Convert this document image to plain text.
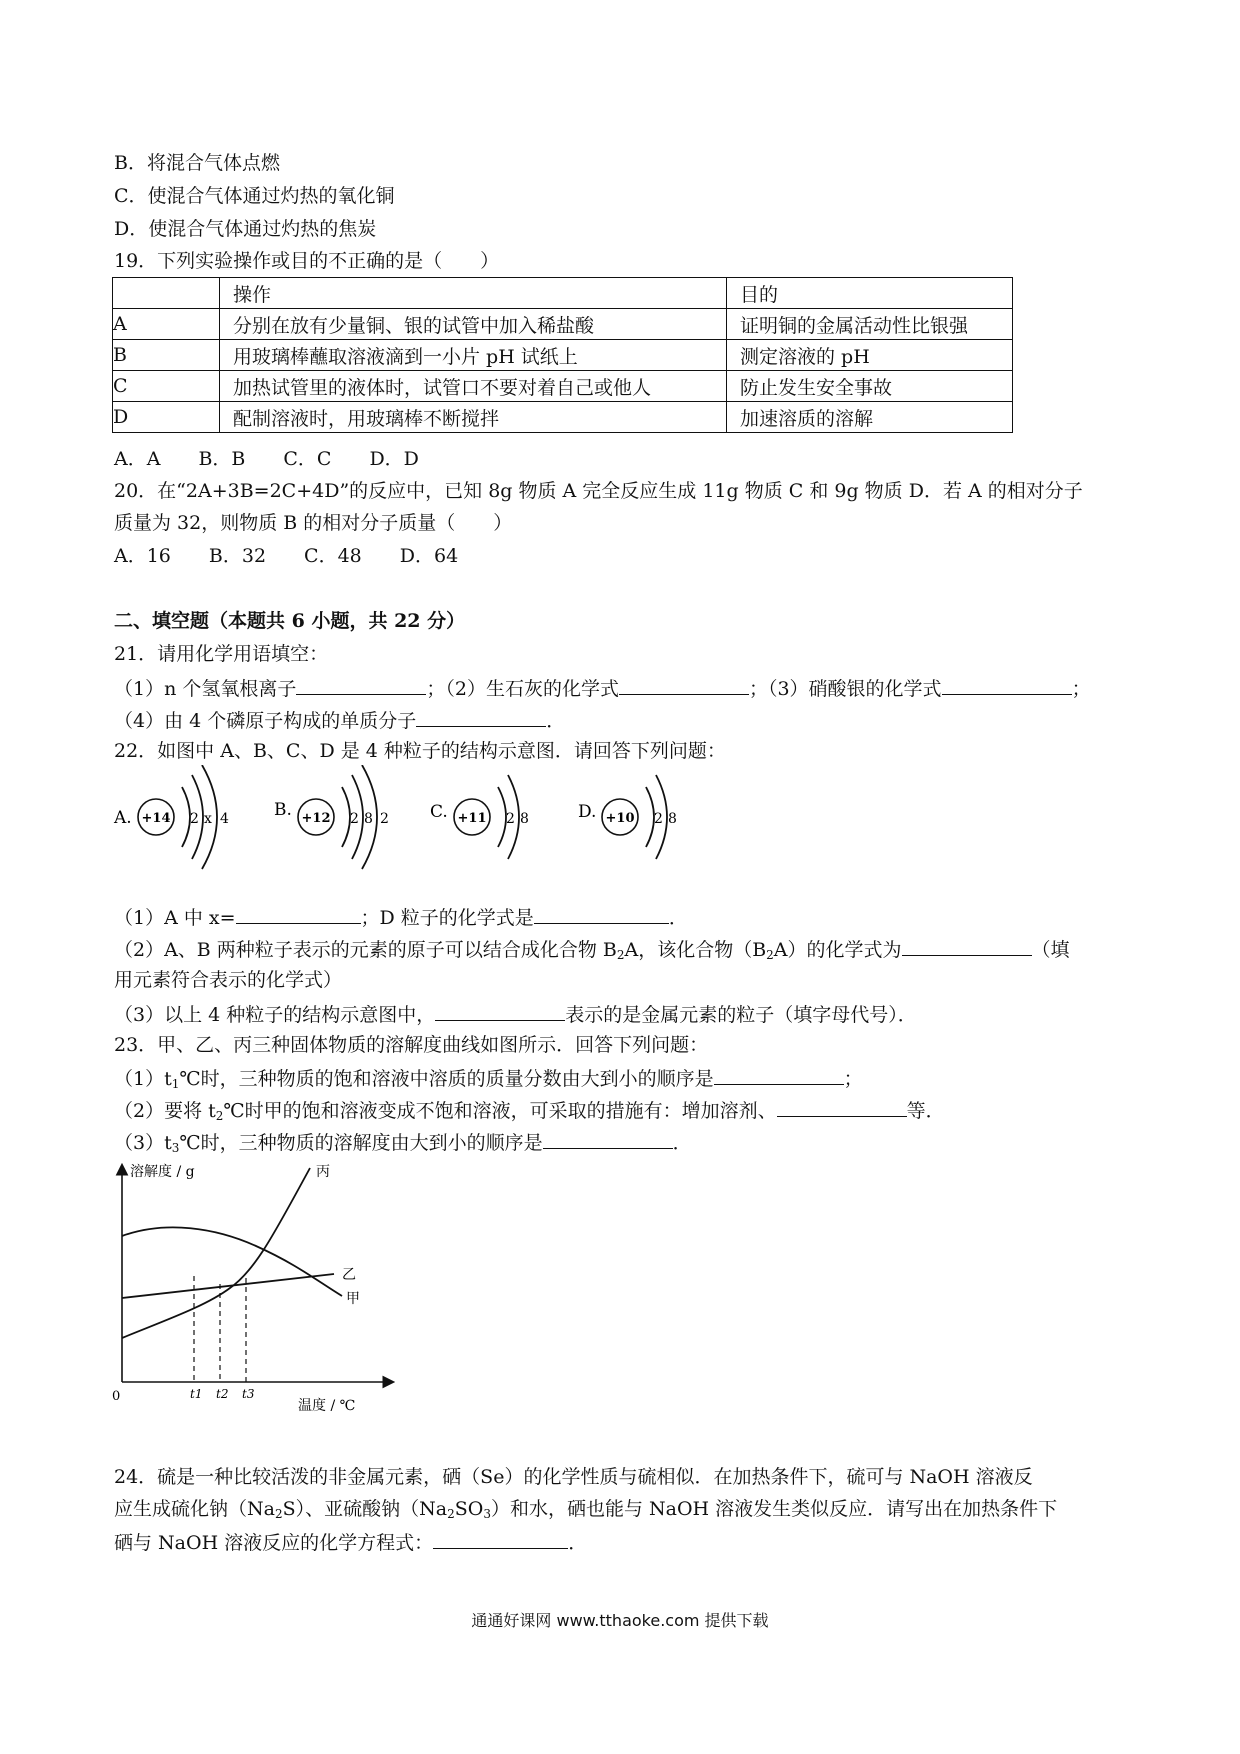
B．将混合气体点燃
C．使混合气体通过灼热的氧化铜
D．使混合气体通过灼热的焦炭
19．下列实验操作或目的不正确的是（　　）
	操作	目的
A	分别在放有少量铜、银的试管中加入稀盐酸	证明铜的金属活动性比银强
B	用玻璃棒蘸取溶液滴到一小片 pH 试纸上	测定溶液的 pH
C	加热试管里的液体时，试管口不要对着自己或他人	防止发生安全事故
D	配制溶液时，用玻璃棒不断搅拌	加速溶质的溶解
A．A　　B．B　　C．C　　D．D
20．在“2A+3B=2C+4D”的反应中，已知 8g 物质 A 完全反应生成 11g 物质 C 和 9g 物质 D．若 A 的相对分子
质量为 32，则物质 B 的相对分子质量（　　）
A．16　　B．32　　C．48　　D．64
二、填空题（本题共 6 小题，共 22 分）
21．请用化学用语填空：
（1）n 个氢氧根离子	；（2）生石灰的化学式	；（3）硝酸银的化学式	；
（4）由 4 个磷原子构成的单质分子	．
22．如图中 A、B、C、D 是 4 种粒子的结构示意图．请回答下列问题：
A. +14 2 x 4	B. +12 2 8 2 C. +11 2 8	D. +10 2 8
（1）A 中 x=	；D 粒子的化学式是	．
（2）A、B 两种粒子表示的元素的原子可以结合成化合物 $B_2A$，该化合物$(B_2A)$的化学式为	（填
用元素符合表示的化学式）
（3）以上 4 种粒子的结构示意图中，	表示的是金属元素的粒子（填字母代号）．
23．甲、乙、丙三种固体物质的溶解度曲线如图所示．回答下列问题：
$(1)t_1℃$时，三种物质的饱和溶液中溶质的质量分数由大到小的顺序是	；
（2）要将 $t_2℃$时甲的饱和溶液变成不饱和溶液，可采取的措施有：增加溶剂、	等．
$(3)t_3℃$时，三种物质的溶解度由大到小的顺序是	．
溶解度 / g
温度 / ℃
0
丙
乙
甲
t1 t2 t3
24．硫是一种比较活泼的非金属元素，硒（Se）的化学性质与硫相似．在加热条件下，硫可与 NaOH 溶液反
应生成硫化钠$(Na_2S)$、亚硫酸钠$(Na_2SO_3)$和水，硒也能与 NaOH 溶液发生类似反应．请写出在加热条件下
硒与 NaOH 溶液反应的化学方程式：	．
通通好课网 www.tthaoke.com 提供下载
